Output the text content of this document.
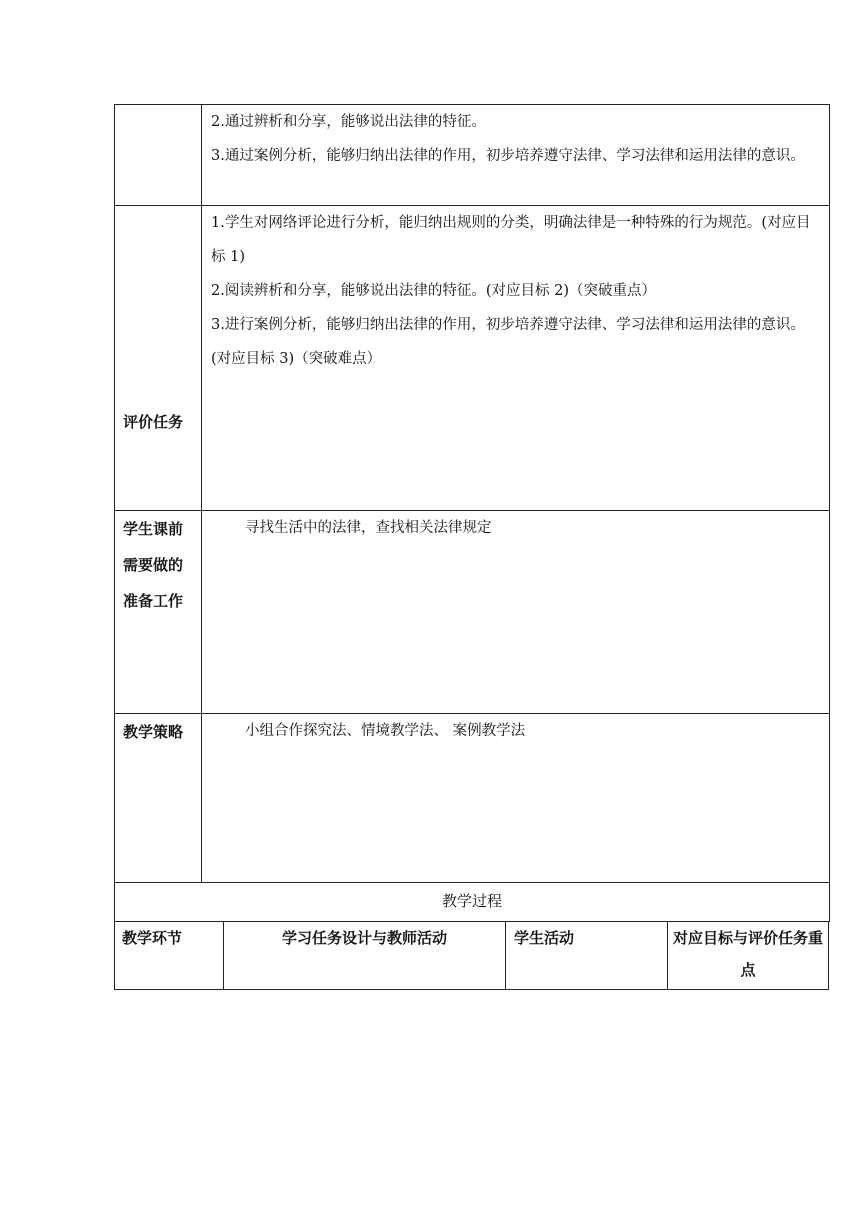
	2.通过辨析和分享，能够说出法律的特征。

3.通过案例分析，能够归纳出法律的作用，初步培养遵守法律、学习法律和运用法律的意识。

评价任务	1.学生对网络评论进行分析，能归纳出规则的分类，明确法律是一种特殊的行为规范。(对应目标 1)

2.阅读辨析和分享，能够说出法律的特征。(对应目标 2)（突破重点）

3.进行案例分析，能够归纳出法律的作用，初步培养遵守法律、学习法律和运用法律的意识。(对应目标 3)（突破难点）

学生课前需要做的准备工作	寻找生活中的法律，查找相关法律规定

教学策略	小组合作探究法、情境教学法、 案例教学法

教学过程	
教学环节	学习任务设计与教师活动	学生活动	对应目标与评价任务重点
